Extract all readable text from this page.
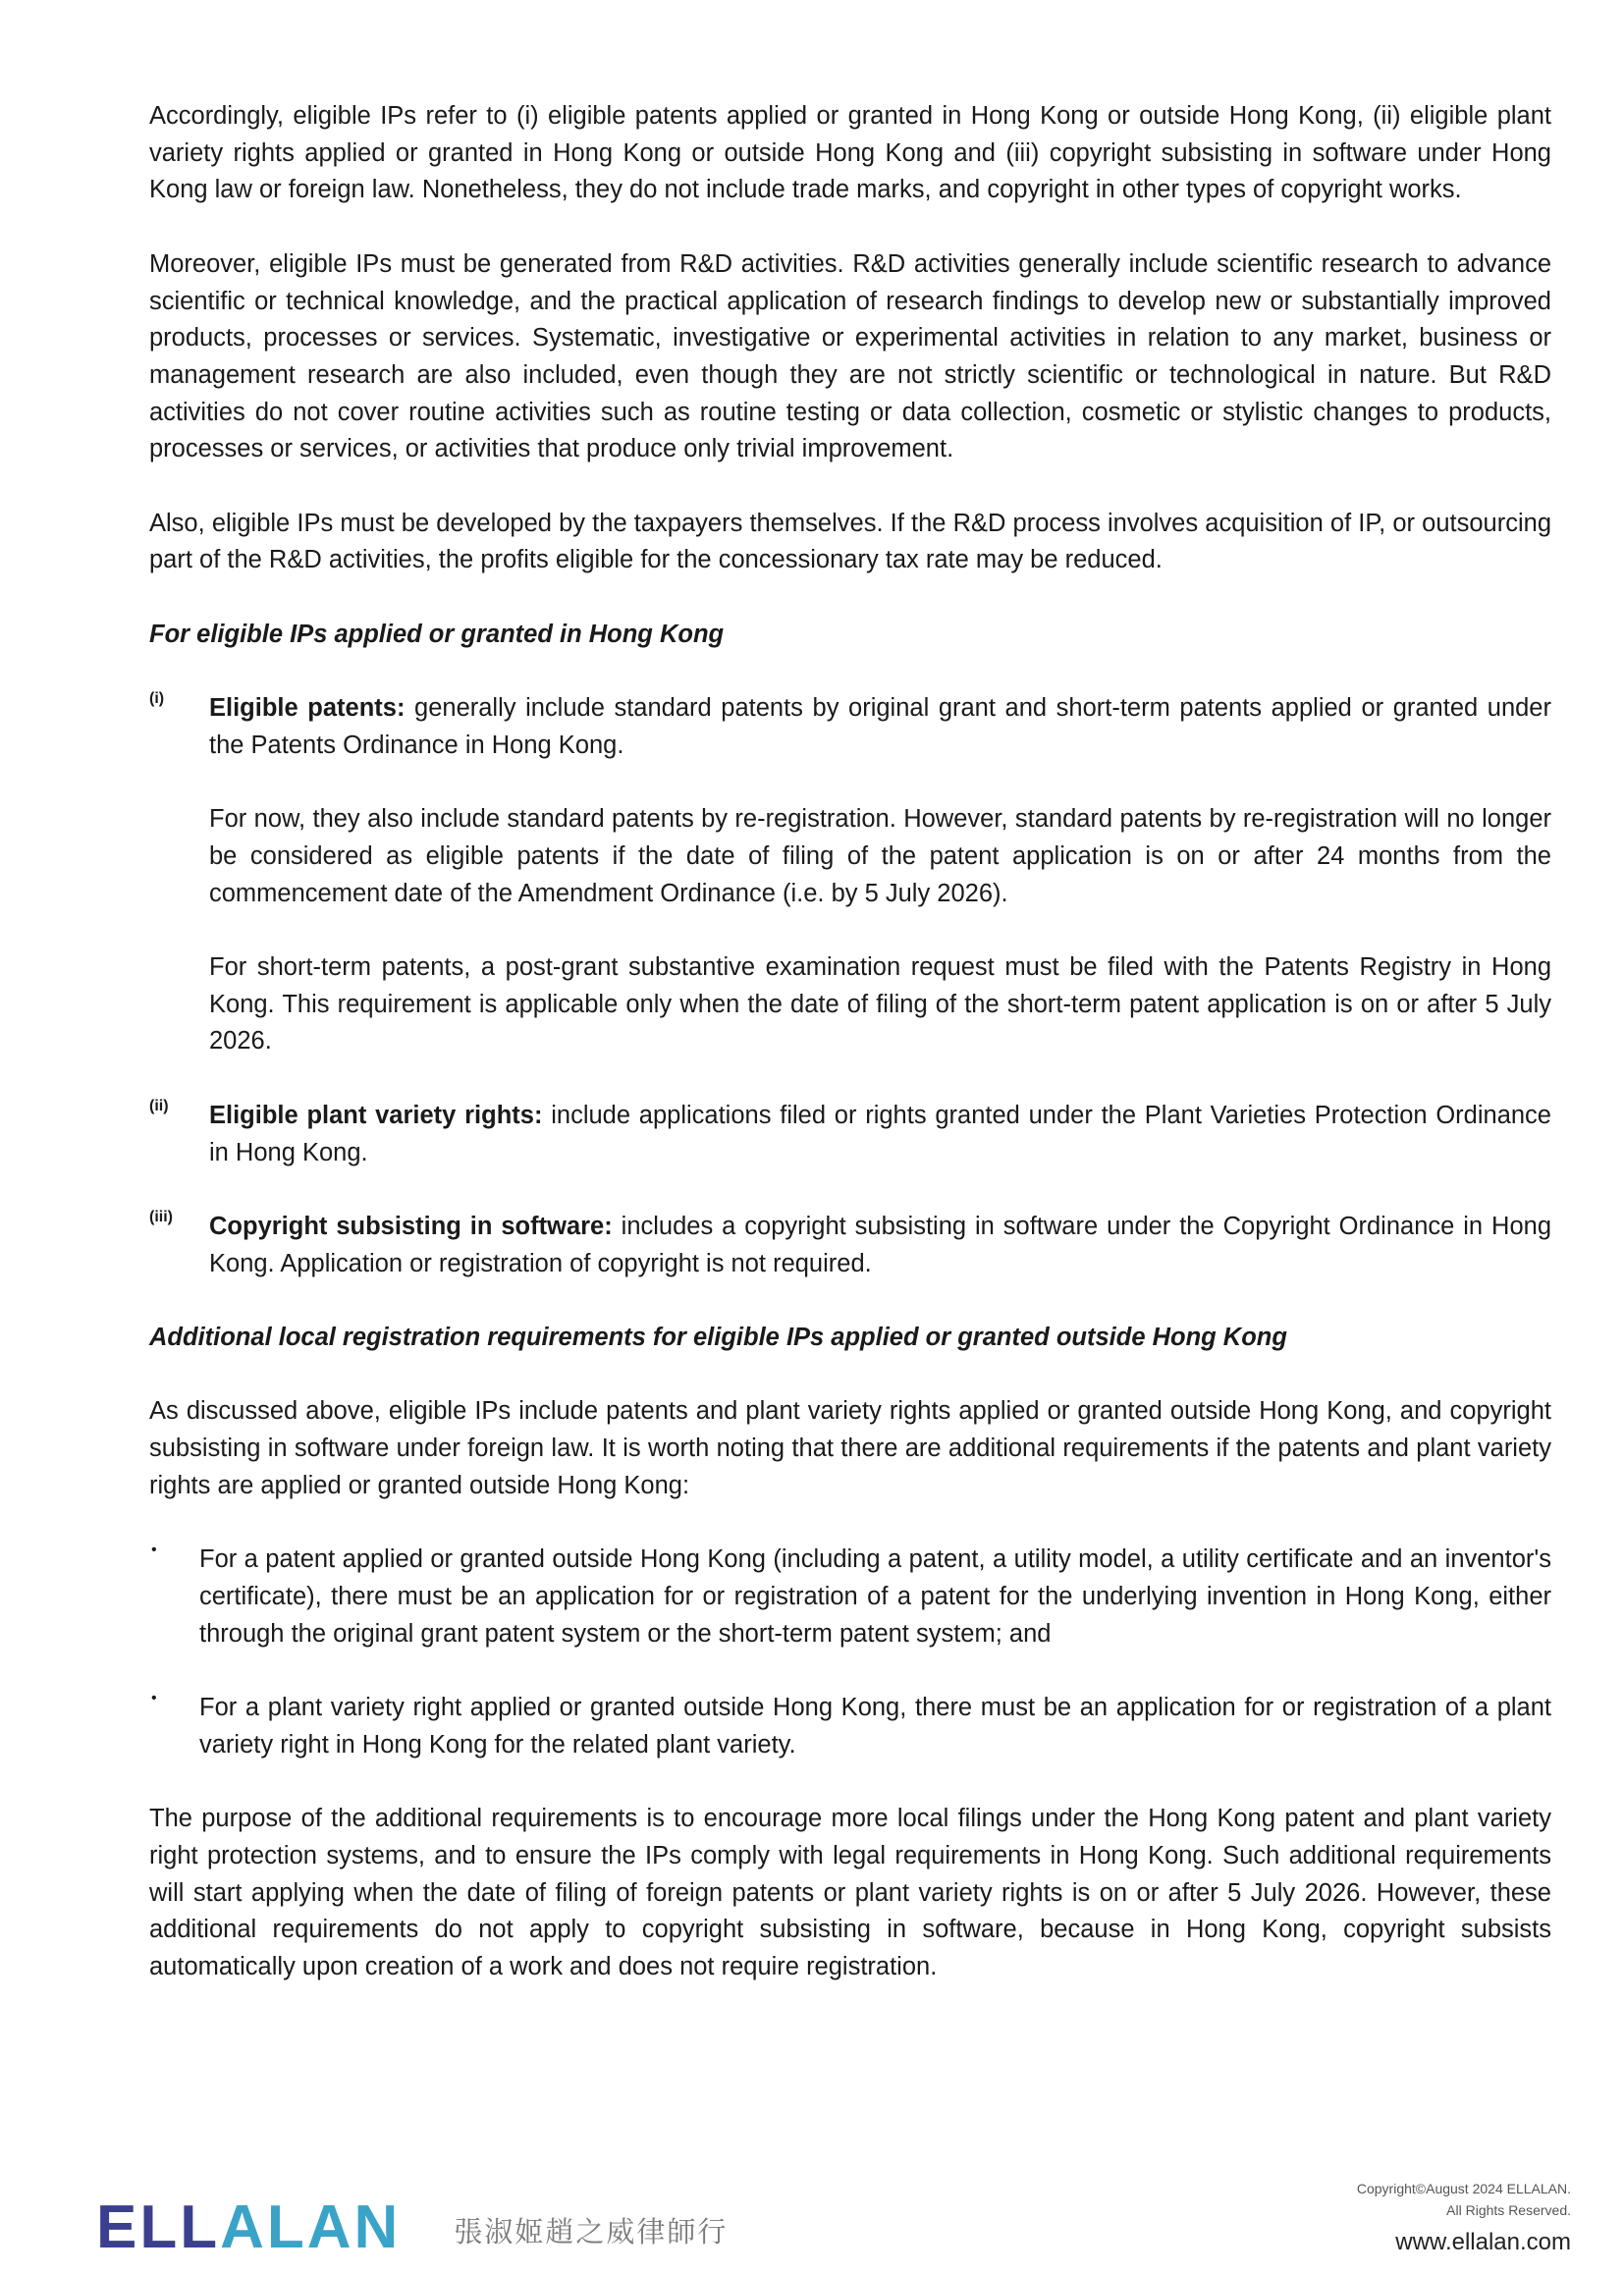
Accordingly, eligible IPs refer to (i) eligible patents applied or granted in Hong Kong or outside Hong Kong, (ii) eligible plant variety rights applied or granted in Hong Kong or outside Hong Kong and (iii) copyright subsisting in software under Hong Kong law or foreign law. Nonetheless, they do not include trade marks, and copyright in other types of copyright works.

Moreover, eligible IPs must be generated from R&D activities. R&D activities generally include scientific research to advance scientific or technical knowledge, and the practical application of research findings to develop new or substantially improved products, processes or services. Systematic, investigative or experimental activities in relation to any market, business or management research are also included, even though they are not strictly scientific or technological in nature. But R&D activities do not cover routine activities such as routine testing or data collection, cosmetic or stylistic changes to products, processes or services, or activities that produce only trivial improvement.

Also, eligible IPs must be developed by the taxpayers themselves. If the R&D process involves acquisition of IP, or outsourcing part of the R&D activities, the profits eligible for the concessionary tax rate may be reduced.

For eligible IPs applied or granted in Hong Kong

(i) Eligible patents: generally include standard patents by original grant and short-term patents applied or granted under the Patents Ordinance in Hong Kong.

For now, they also include standard patents by re-registration. However, standard patents by re-registration will no longer be considered as eligible patents if the date of filing of the patent application is on or after 24 months from the commencement date of the Amendment Ordinance (i.e. by 5 July 2026).

For short-term patents, a post-grant substantive examination request must be filed with the Patents Registry in Hong Kong. This requirement is applicable only when the date of filing of the short-term patent application is on or after 5 July 2026.

(ii) Eligible plant variety rights: include applications filed or rights granted under the Plant Varieties Protection Ordinance in Hong Kong.

(iii) Copyright subsisting in software: includes a copyright subsisting in software under the Copyright Ordinance in Hong Kong. Application or registration of copyright is not required.

Additional local registration requirements for eligible IPs applied or granted outside Hong Kong

As discussed above, eligible IPs include patents and plant variety rights applied or granted outside Hong Kong, and copyright subsisting in software under foreign law. It is worth noting that there are additional requirements if the patents and plant variety rights are applied or granted outside Hong Kong:

• For a patent applied or granted outside Hong Kong (including a patent, a utility model, a utility certificate and an inventor's certificate), there must be an application for or registration of a patent for the underlying invention in Hong Kong, either through the original grant patent system or the short-term patent system; and

• For a plant variety right applied or granted outside Hong Kong, there must be an application for or registration of a plant variety right in Hong Kong for the related plant variety.

The purpose of the additional requirements is to encourage more local filings under the Hong Kong patent and plant variety right protection systems, and to ensure the IPs comply with legal requirements in Hong Kong. Such additional requirements will start applying when the date of filing of foreign patents or plant variety rights is on or after 5 July 2026. However, these additional requirements do not apply to copyright subsisting in software, because in Hong Kong, copyright subsists automatically upon creation of a work and does not require registration.

ELLALAN 張淑姬趙之威律師行
Copyright©August 2024 ELLALAN.
All Rights Reserved.
www.ellalan.com
